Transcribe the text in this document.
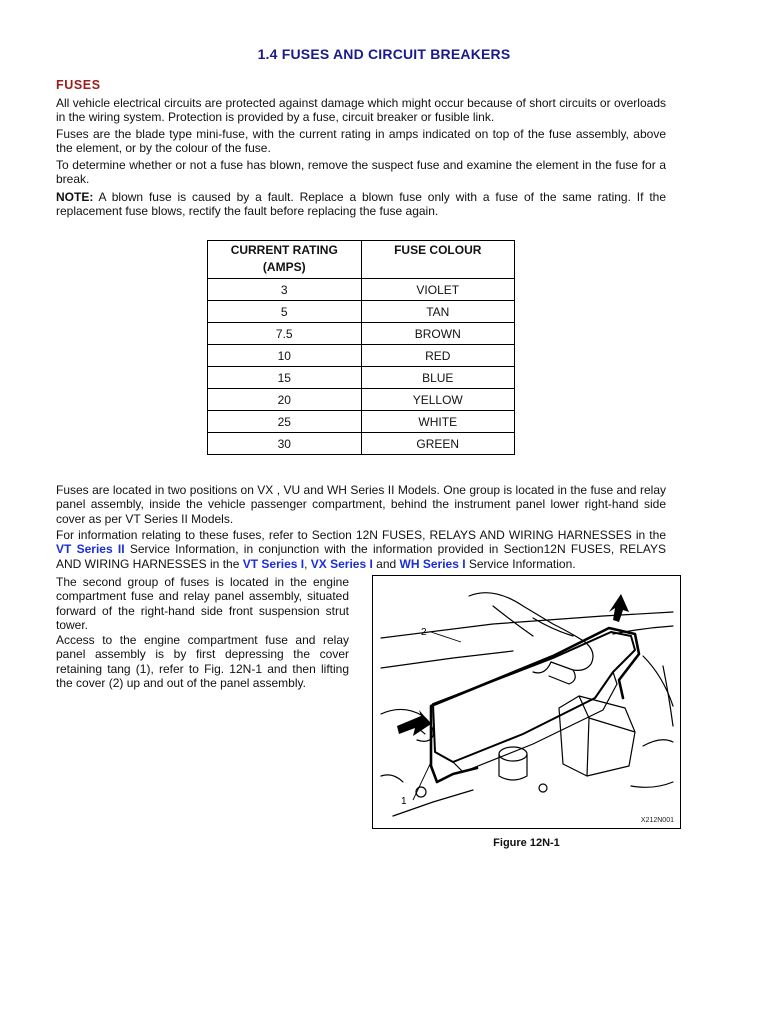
1.4 FUSES AND CIRCUIT BREAKERS
FUSES

All vehicle electrical circuits are protected against damage which might occur because of short circuits or overloads in the wiring system. Protection is provided by a fuse, circuit breaker or fusible link.

Fuses are the blade type mini-fuse, with the current rating in amps indicated on top of the fuse assembly, above the element, or by the colour of the fuse.

To determine whether or not a fuse has blown, remove the suspect fuse and examine the element in the fuse for a break.

NOTE: A blown fuse is caused by a fault. Replace a blown fuse only with a fuse of the same rating. If the replacement fuse blows, rectify the fault before replacing the fuse again.

CURRENT RATING
(AMPS)	FUSE COLOUR
3	VIOLET
5	TAN
7.5	BROWN
10	RED
15	BLUE
20	YELLOW
25	WHITE
30	GREEN

Fuses are located in two positions on VX , VU and WH Series II Models. One group is located in the fuse and relay panel assembly, inside the vehicle passenger compartment, behind the instrument panel lower right-hand side cover as per VT Series II Models.

For information relating to these fuses, refer to Section 12N FUSES, RELAYS AND WIRING HARNESSES in the VT Series II Service Information, in conjunction with the information provided in Section12N FUSES, RELAYS AND WIRING HARNESSES in the VT Series I, VX Series I and WH Series I Service Information.

The second group of fuses is located in the engine compartment fuse and relay panel assembly, situated forward of the right-hand side front suspension strut tower.

Access to the engine compartment fuse and relay panel assembly is by first depressing the cover retaining tang (1), refer to Fig. 12N-1 and then lifting the cover (2) up and out of the panel assembly.

2
1
X212N001
Figure 12N-1
